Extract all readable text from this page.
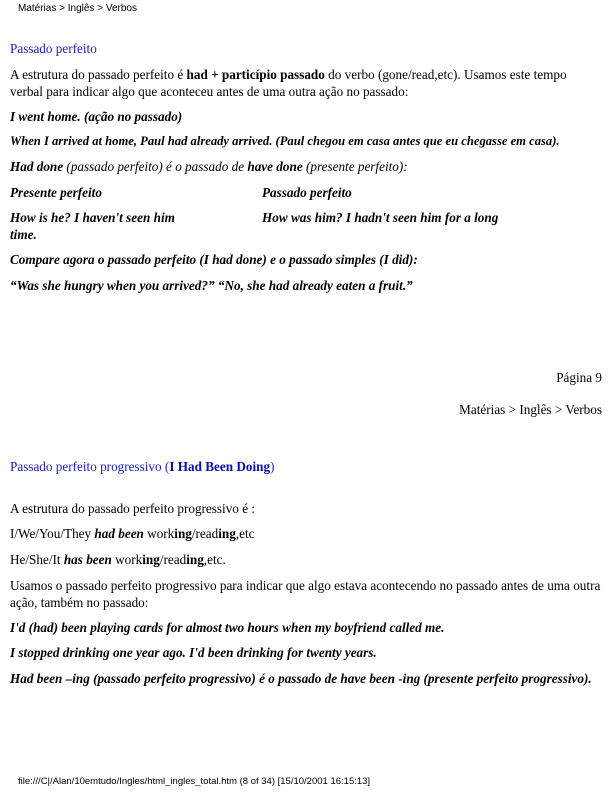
Matérias > Inglês > Verbos

Passado perfeito

A estrutura do passado perfeito é had + particípio passado do verbo (gone/read,etc). Usamos este tempo verbal para indicar algo que aconteceu antes de uma outra ação no passado:

I went home. (ação no passado)

When I arrived at home, Paul had already arrived. (Paul chegou em casa antes que eu chegasse em casa).

Had done (passado perfeito) é o passado de have done (presente perfeito):

Presente perfeito	Passado perfeito
How is he? I haven't seen him
time.
How was him? I hadn't seen him for a long

Compare agora o passado perfeito (I had done) e o passado simples (I did):

“Was she hungry when you arrived?” “No, she had already eaten a fruit.”

Página 9
Matérias > Inglês > Verbos

Passado perfeito progressivo (I Had Been Doing)

A estrutura do passado perfeito progressivo é :

I/We/You/They had been working/reading,etc

He/She/It has been working/reading,etc.

Usamos o passado perfeito progressivo para indicar que algo estava acontecendo no passado antes de uma outra ação, também no passado:

I'd (had) been playing cards for almost two hours when my boyfriend called me.

I stopped drinking one year ago. I'd been drinking for twenty years.

Had been –ing (passado perfeito progressivo) é o passado de have been -ing (presente perfeito progressivo).

file:///C|/Alan/10emtudo/Ingles/html_ingles_total.htm (8 of 34) [15/10/2001 16:15:13]
